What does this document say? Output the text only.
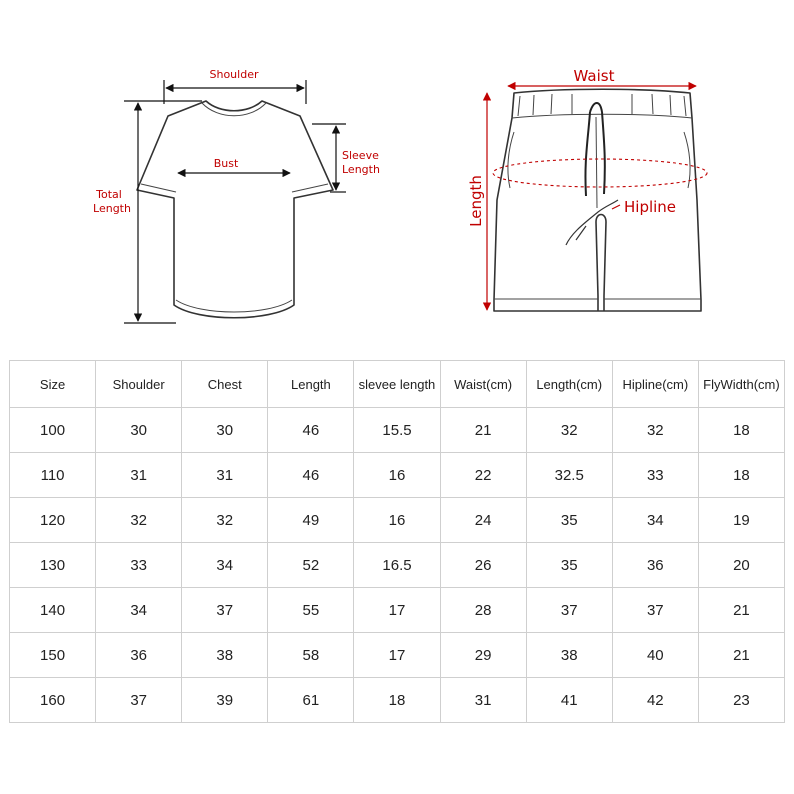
Shoulder
Bust
Sleeve
Length
Total
Length
Waist
Hipline
Length
Size	Shoulder	Chest	Length	slevee length	Waist(cm)	Length(cm)	Hipline(cm)	FlyWidth(cm)
100	30	30	46	15.5	21	32	32	18
110	31	31	46	16	22	32.5	33	18
120	32	32	49	16	24	35	34	19
130	33	34	52	16.5	26	35	36	20
140	34	37	55	17	28	37	37	21
150	36	38	58	17	29	38	40	21
160	37	39	61	18	31	41	42	23
